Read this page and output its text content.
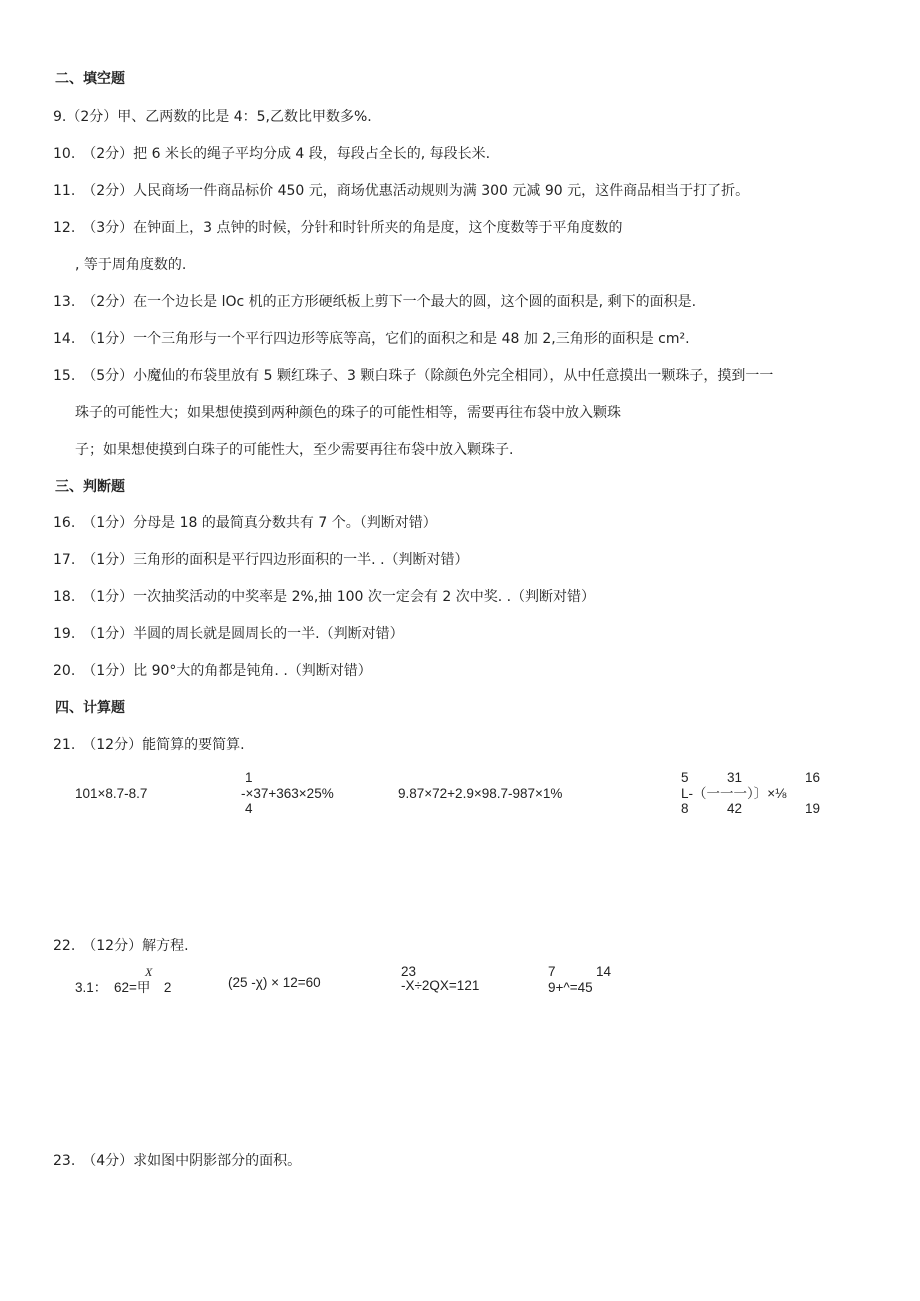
二、填空题
9.（2分）甲、乙两数的比是 4：5,乙数比甲数多%.
10.　（2分）把 6 米长的绳子平均分成 4 段，每段占全长的, 每段长米.
11.　（2分）人民商场一件商品标价 450 元，商场优惠活动规则为满 300 元减 90 元，这件商品相当于打了折。
12.　（3分）在钟面上，3 点钟的时候，分针和时针所夹的角是度，这个度数等于平角度数的
, 等于周角度数的.
13.　（2分）在一个边长是 lOc 机的正方形硬纸板上剪下一个最大的圆，这个圆的面积是, 剩下的面积是.
14.　（1分）一个三角形与一个平行四边形等底等高，它们的面积之和是 48 加 2,三角形的面积是 cm².
15.　（5分）小魔仙的布袋里放有 5 颗红珠子、3 颗白珠子（除颜色外完全相同），从中任意摸出一颗珠子，摸到一一
珠子的可能性大；如果想使摸到两种颜色的珠子的可能性相等，需要再往布袋中放入颗珠
子；如果想使摸到白珠子的可能性大，至少需要再往布袋中放入颗珠子.
三、判断题
16.　（1分）分母是 18 的最简真分数共有 7 个。（判断对错）
17.　（1分）三角形的面积是平行四边形面积的一半. .（判断对错）
18.　（1分）一次抽奖活动的中奖率是 2%,抽 100 次一定会有 2 次中奖. .（判断对错）
19.　（1分）半圆的周长就是圆周长的一半.（判断对错）
20.　（1分）比 90°大的角都是钝角. .（判断对错）
四、计算题
21.　（12分）能简算的要简算.
101×8.7-8.7
1
-×37+363×25%
4
9.87×72+2.9×98.7-987×1%
5
L-（一一一）〕×⅛
8
31
42
16
19
22.　（12分）解方程.
X
3.1：　62=甲　2	(25 -χ) × 12=60
23
-X÷2QX=121
7	14
9+^=45
23.　（4分）求如图中阴影部分的面积。
